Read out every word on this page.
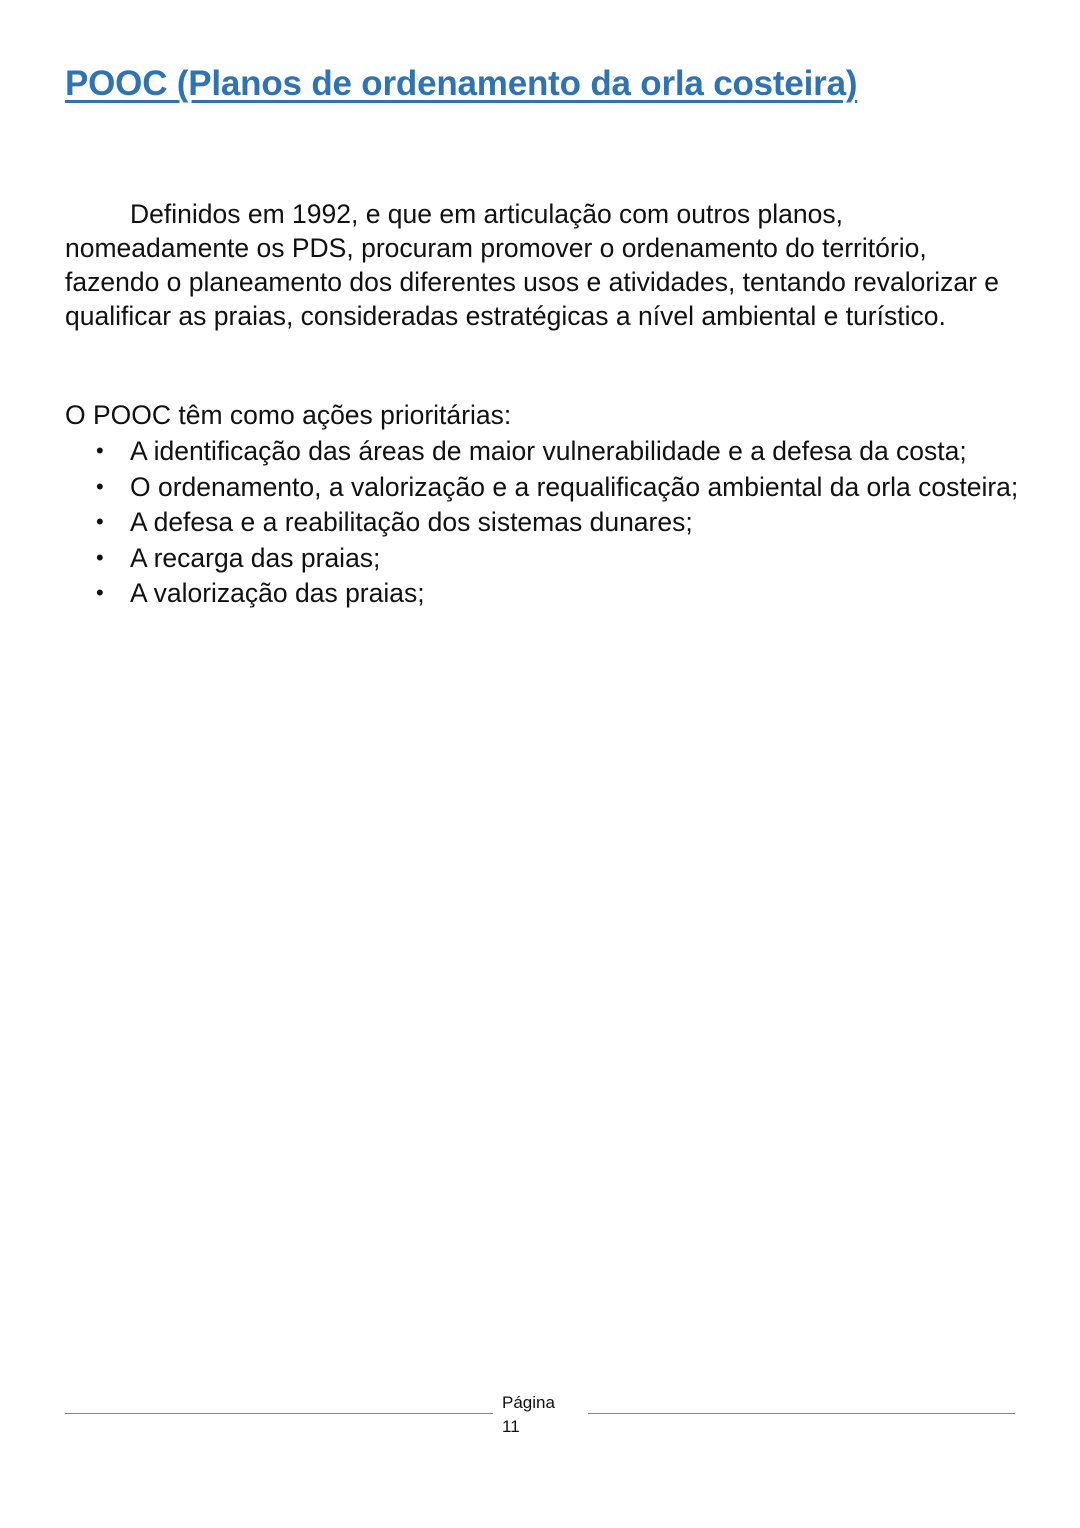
POOC (Planos de ordenamento da orla costeira)

Definidos em 1992, e que em articulação com outros planos, nomeadamente os PDS, procuram promover o ordenamento do território, fazendo o planeamento dos diferentes usos e atividades, tentando revalorizar e qualificar as praias, consideradas estratégicas a nível ambiental e turístico.

O POOC têm como ações prioritárias:

• A identificação das áreas de maior vulnerabilidade e a defesa da costa;
• O ordenamento, a valorização e a requalificação ambiental da orla costeira;
• A defesa e a reabilitação dos sistemas dunares;
• A recarga das praias;
• A valorização das praias;
Página
11
